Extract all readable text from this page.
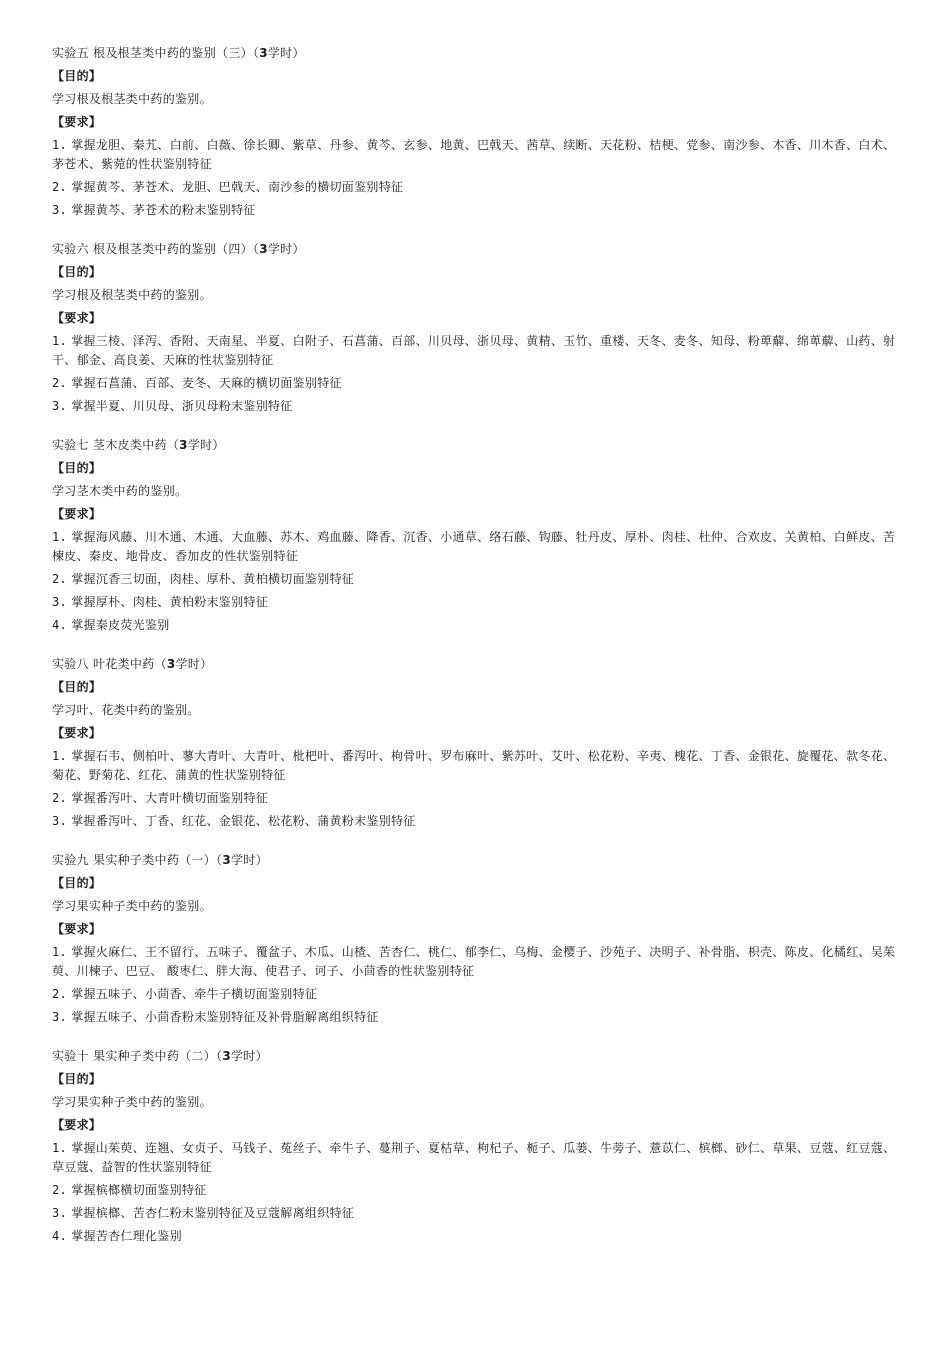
实验五 根及根茎类中药的鉴别（三）（3学时）
【目的】
学习根及根茎类中药的鉴别。
【要求】
1. 掌握龙胆、秦艽、白前、白薇、徐长卿、紫草、丹参、黄芩、玄参、地黄、巴戟天、茜草、续断、天花粉、桔梗、党参、南沙参、木香、川木香、白术、茅苍术、紫菀的性状鉴别特征
2. 掌握黄芩、茅苍术、龙胆、巴戟天、南沙参的横切面鉴别特征
3. 掌握黄芩、茅苍术的粉末鉴别特征
实验六 根及根茎类中药的鉴别（四）（3学时）
【目的】
学习根及根茎类中药的鉴别。
【要求】
1. 掌握三棱、泽泻、香附、天南星、半夏、白附子、石菖蒲、百部、川贝母、浙贝母、黄精、玉竹、重楼、天冬、麦冬、知母、粉萆薢、绵萆薢、山药、射干、郁金、高良姜、天麻的性状鉴别特征
2. 掌握石菖蒲、百部、麦冬、天麻的横切面鉴别特征
3. 掌握半夏、川贝母、浙贝母粉末鉴别特征
实验七 茎木皮类中药（3学时）
【目的】
学习茎木类中药的鉴别。
【要求】
1. 掌握海风藤、川木通、木通、大血藤、苏木、鸡血藤、降香、沉香、小通草、络石藤、钩藤、牡丹皮、厚朴、肉桂、杜仲、合欢皮、关黄柏、白鲜皮、苦楝皮、秦皮、地骨皮、香加皮的性状鉴别特征
2. 掌握沉香三切面，肉桂、厚朴、黄柏横切面鉴别特征
3. 掌握厚朴、肉桂、黄柏粉末鉴别特征
4. 掌握秦皮荧光鉴别
实验八 叶花类中药（3学时）
【目的】
学习叶、花类中药的鉴别。
【要求】
1. 掌握石韦、侧柏叶、蓼大青叶、大青叶、枇杷叶、番泻叶、枸骨叶、罗布麻叶、紫苏叶、艾叶、松花粉、辛夷、槐花、丁香、金银花、旋覆花、款冬花、菊花、野菊花、红花、蒲黄的性状鉴别特征
2. 掌握番泻叶、大青叶横切面鉴别特征
3. 掌握番泻叶、丁香、红花、金银花、松花粉、蒲黄粉末鉴别特征
实验九 果实种子类中药（一）（3学时）
【目的】
学习果实种子类中药的鉴别。
【要求】
1. 掌握火麻仁、王不留行、五味子、覆盆子、木瓜、山楂、苦杏仁、桃仁、郁李仁、乌梅、金樱子、沙苑子、决明子、补骨脂、枳壳、陈皮、化橘红、吴茱萸、川楝子、巴豆、 酸枣仁、胖大海、使君子、诃子、小茴香的性状鉴别特征
2. 掌握五味子、小茴香、牵牛子横切面鉴别特征
3. 掌握五味子、小茴香粉末鉴别特征及补骨脂解离组织特征
实验十 果实种子类中药（二）（3学时）
【目的】
学习果实种子类中药的鉴别。
【要求】
1. 掌握山茱萸、连翘、女贞子、马钱子、菟丝子、牵牛子、蔓荆子、夏枯草、枸杞子、栀子、瓜蒌、牛蒡子、薏苡仁、槟榔、砂仁、草果、豆蔻、红豆蔻、草豆蔻、益智的性状鉴别特征
2. 掌握槟榔横切面鉴别特征
3. 掌握槟榔、苦杏仁粉末鉴别特征及豆蔻解离组织特征
4. 掌握苦杏仁理化鉴别
